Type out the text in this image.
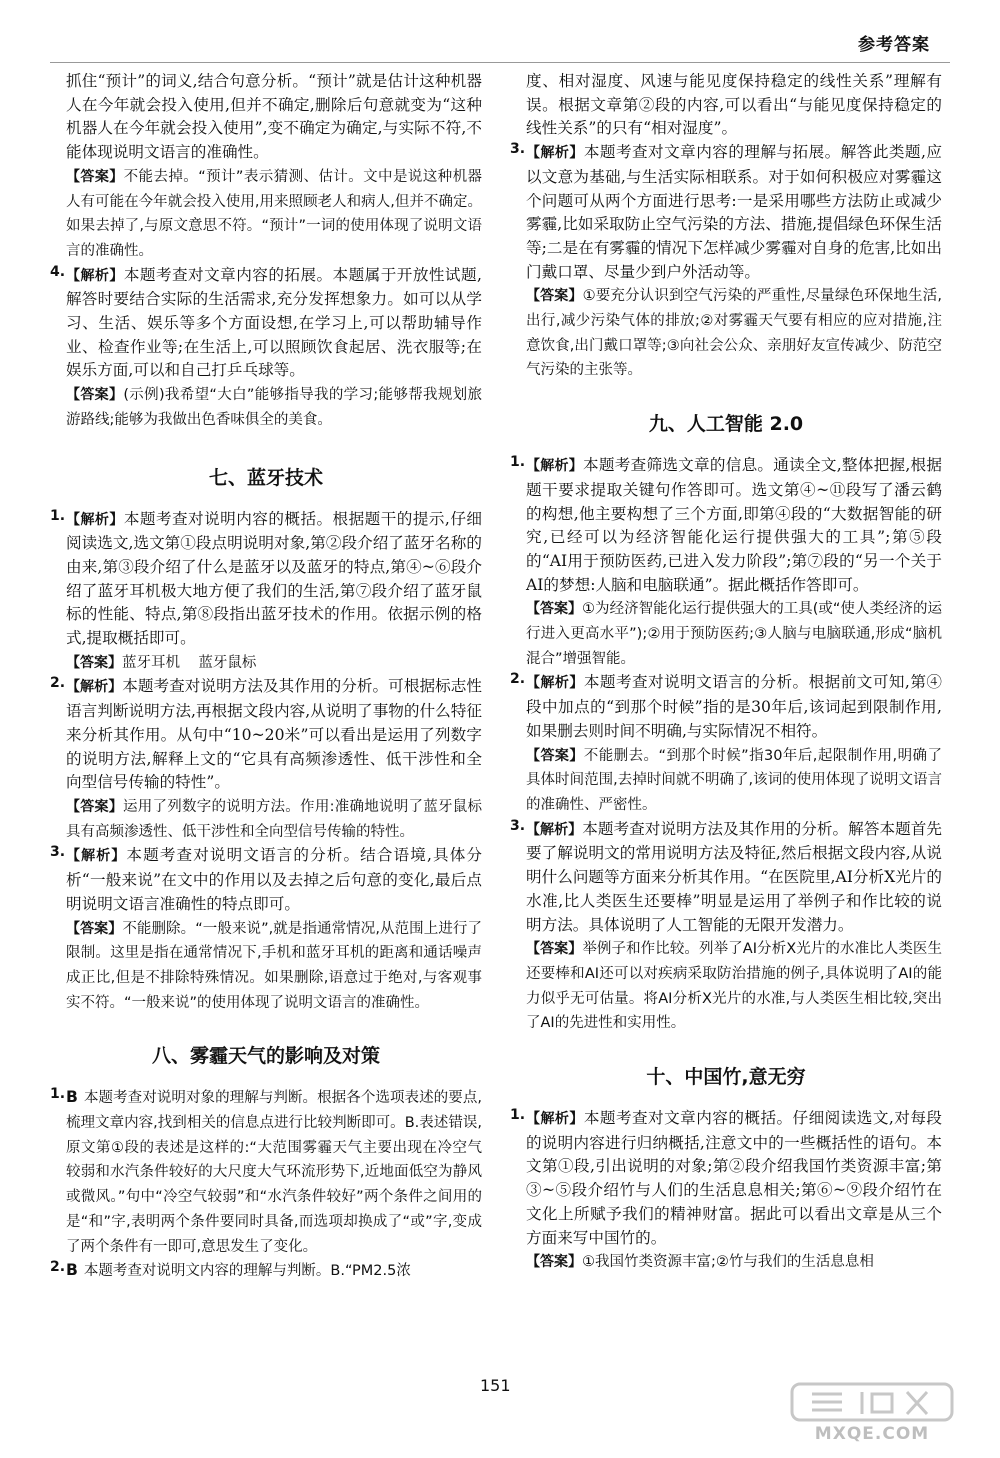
参考答案

抓住“预计”的词义,结合句意分析。“预计”就是估计这种机器人在今年就会投入使用,但并不确定,删除后句意就变为“这种机器人在今年就会投入使用”,变不确定为确定,与实际不符,不能体现说明文语言的准确性。

【答案】不能去掉。“预计”表示猜测、估计。文中是说这种机器人有可能在今年就会投入使用,用来照顾老人和病人,但并不确定。如果去掉了,与原文意思不符。“预计”一词的使用体现了说明文语言的准确性。

4. 【解析】本题考查对文章内容的拓展。本题属于开放性试题,解答时要结合实际的生活需求,充分发挥想象力。如可以从学习、生活、娱乐等多个方面设想,在学习上,可以帮助辅导作业、检查作业等;在生活上,可以照顾饮食起居、洗衣服等;在娱乐方面,可以和自己打乒乓球等。

【答案】(示例)我希望“大白”能够指导我的学习;能够帮我规划旅游路线;能够为我做出色香味俱全的美食。

七、蓝牙技术
1. 【解析】本题考查对说明内容的概括。根据题干的提示,仔细阅读选文,选文第①段点明说明对象,第②段介绍了蓝牙名称的由来,第③段介绍了什么是蓝牙以及蓝牙的特点,第④~⑥段介绍了蓝牙耳机极大地方便了我们的生活,第⑦段介绍了蓝牙鼠标的性能、特点,第⑧段指出蓝牙技术的作用。依据示例的格式,提取概括即可。

【答案】蓝牙耳机    蓝牙鼠标

2. 【解析】本题考查对说明方法及其作用的分析。可根据标志性语言判断说明方法,再根据文段内容,从说明了事物的什么特征来分析其作用。从句中“10~20米”可以看出是运用了列数字的说明方法,解释上文的“它具有高频渗透性、低干涉性和全向型信号传输的特性”。

【答案】运用了列数字的说明方法。作用:准确地说明了蓝牙鼠标具有高频渗透性、低干涉性和全向型信号传输的特性。

3. 【解析】本题考查对说明文语言的分析。结合语境,具体分析“一般来说”在文中的作用以及去掉之后句意的变化,最后点明说明文语言准确性的特点即可。

【答案】不能删除。“一般来说”,就是指通常情况,从范围上进行了限制。这里是指在通常情况下,手机和蓝牙耳机的距离和通话噪声成正比,但是不排除特殊情况。如果删除,语意过于绝对,与客观事实不符。“一般来说”的使用体现了说明文语言的准确性。

八、雾霾天气的影响及对策
1. B 本题考查对说明对象的理解与判断。根据各个选项表述的要点,梳理文章内容,找到相关的信息点进行比较判断即可。B.表述错误,原文第①段的表述是这样的:“大范围雾霾天气主要出现在冷空气较弱和水汽条件较好的大尺度大气环流形势下,近地面低空为静风或微风。”句中“冷空气较弱”和“水汽条件较好”两个条件之间用的是“和”字,表明两个条件要同时具备,而选项却换成了“或”字,变成了两个条件有一即可,意思发生了变化。

2. B 本题考查对说明文内容的理解与判断。B.“PM2.5浓

度、相对湿度、风速与能见度保持稳定的线性关系”理解有误。根据文章第②段的内容,可以看出“与能见度保持稳定的线性关系”的只有“相对湿度”。

3. 【解析】本题考查对文章内容的理解与拓展。解答此类题,应以文意为基础,与生活实际相联系。对于如何积极应对雾霾这个问题可从两个方面进行思考:一是采用哪些方法防止或减少雾霾,比如采取防止空气污染的方法、措施,提倡绿色环保生活等;二是在有雾霾的情况下怎样减少雾霾对自身的危害,比如出门戴口罩、尽量少到户外活动等。

【答案】①要充分认识到空气污染的严重性,尽量绿色环保地生活,出行,减少污染气体的排放;②对雾霾天气要有相应的应对措施,注意饮食,出门戴口罩等;③向社会公众、亲朋好友宣传减少、防范空气污染的主张等。

九、人工智能 2.0
1. 【解析】本题考查筛选文章的信息。通读全文,整体把握,根据题干要求提取关键句作答即可。选文第④~⑪段写了潘云鹤的构想,他主要构想了三个方面,即第④段的“大数据智能的研究,已经可以为经济智能化运行提供强大的工具”;第⑤段的“AI用于预防医药,已进入发力阶段”;第⑦段的“另一个关于AI的梦想:人脑和电脑联通”。据此概括作答即可。

【答案】①为经济智能化运行提供强大的工具(或“使人类经济的运行进入更高水平”);②用于预防医药;③人脑与电脑联通,形成“脑机混合”增强智能。

2. 【解析】本题考查对说明文语言的分析。根据前文可知,第④段中加点的“到那个时候”指的是30年后,该词起到限制作用,如果删去则时间不明确,与实际情况不相符。

【答案】不能删去。“到那个时候”指30年后,起限制作用,明确了具体时间范围,去掉时间就不明确了,该词的使用体现了说明文语言的准确性、严密性。

3. 【解析】本题考查对说明方法及其作用的分析。解答本题首先要了解说明文的常用说明方法及特征,然后根据文段内容,从说明什么问题等方面来分析其作用。“在医院里,AI分析X光片的水准,比人类医生还要棒”明显是运用了举例子和作比较的说明方法。具体说明了人工智能的无限开发潜力。

【答案】举例子和作比较。列举了AI分析X光片的水准比人类医生还要棒和AI还可以对疾病采取防治措施的例子,具体说明了AI的能力似乎无可估量。将AI分析X光片的水准,与人类医生相比较,突出了AI的先进性和实用性。

十、中国竹,意无穷
1. 【解析】本题考查对文章内容的概括。仔细阅读选文,对每段的说明内容进行归纳概括,注意文中的一些概括性的语句。本文第①段,引出说明的对象;第②段介绍我国竹类资源丰富;第③~⑤段介绍竹与人们的生活息息相关;第⑥~⑨段介绍竹在文化上所赋予我们的精神财富。据此可以看出文章是从三个方面来写中国竹的。

【答案】①我国竹类资源丰富;②竹与我们的生活息息相

151
MXQE.COM
